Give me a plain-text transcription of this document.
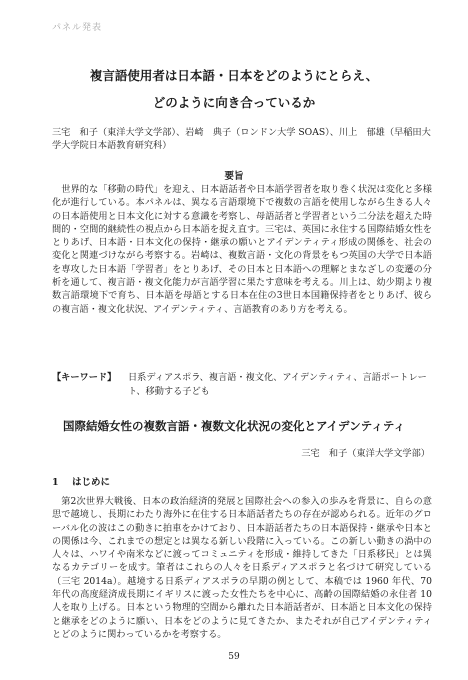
パネル発表
複言語使用者は日本語・日本をどのようにとらえ、
どのように向き合っているか
三宅　和子（東洋大学文学部）、岩崎　典子（ロンドン大学 SOAS）、川上　郁雄（早稲田大学大学院日本語教育研究科）
要旨

世界的な「移動の時代」を迎え、日本語話者や日本語学習者を取り巻く状況は変化と多様化が進行している。本パネルは、異なる言語環境下で複数の言語を使用しながら生きる人々の日本語使用と日本文化に対する意識を考察し、母語話者と学習者という二分法を超えた時間的・空間的継続性の視点から日本語を捉え直す。三宅は、英国に永住する国際結婚女性をとりあげ、日本語・日本文化の保持・継承の願いとアイデンティティ形成の関係を、社会の変化と関連づけながら考察する。岩崎は、複数言語・文化の背景をもつ英国の大学で日本語を専攻した日本語「学習者」をとりあげ、その日本と日本語への理解とまなざしの変遷の分析を通して、複言語・複文化能力が言語学習に果たす意味を考える。川上は、幼少期より複数言語環境下で育ち、日本語を母語とする日本在住の3世日本国籍保持者をとりあげ、彼らの複言語・複文化状況、アイデンティティ、言語教育のあり方を考える。

【キーワード】	日系ディアスポラ、複言語・複文化、アイデンティティ、言語ポートレート、移動する子ども
国際結婚女性の複数言語・複数文化状況の変化とアイデンティティ
三宅　和子（東洋大学文学部）
1 はじめに

第2次世界大戦後、日本の政治経済的発展と国際社会への参入の歩みを背景に、自らの意思で越境し、長期にわたり海外に在住する日本語話者たちの存在が認められる。近年のグローバル化の波はこの動きに拍車をかけており、日本語話者たちの日本語保持・継承や日本との関係は今、これまでの想定とは異なる新しい段階に入っている。この新しい動きの渦中の人々は、ハワイや南米などに渡ってコミュニティを形成・維持してきた「日系移民」とは異なるカテゴリーを成す。筆者はこれらの人々を日系ディアスポラと名づけて研究している（三宅 2014a）。越境する日系ディアスポラの早期の例として、本稿では 1960 年代、70 年代の高度経済成長期にイギリスに渡った女性たちを中心に、高齢の国際結婚の永住者 10 人を取り上げる。日本という物理的空間から離れた日本語話者が、日本語と日本文化の保持と継承をどのように願い、日本をどのように見てきたか、またそれが自己アイデンティティとどのように関わっているかを考察する。

59
